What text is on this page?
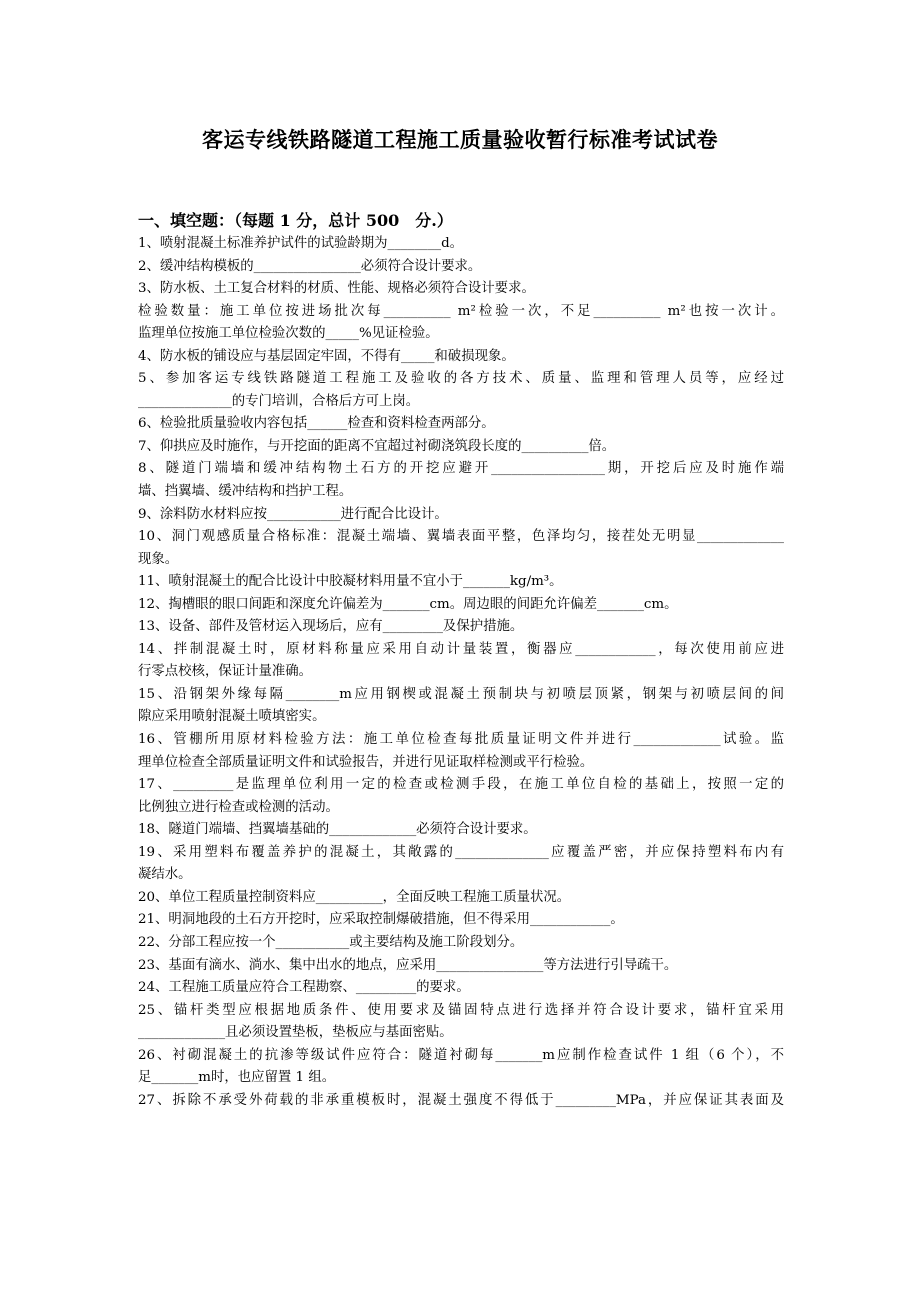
客运专线铁路隧道工程施工质量验收暂行标准考试试卷
一、填空题：（每题 1 分，总计 500　分.）
1、喷射混凝土标准养护试件的试验龄期为________d。
2、缓冲结构模板的________________必须符合设计要求。
3、防水板、土工复合材料的材质、性能、规格必须符合设计要求。
检验数量：施工单位按进场批次每__________ m²检验一次，不足__________ m²也按一次计。
监理单位按施工单位检验次数的_____%见证检验。
4、防水板的铺设应与基层固定牢固，不得有_____和破损现象。
5、参加客运专线铁路隧道工程施工及验收的各方技术、质量、监理和管理人员等，应经过
______________的专门培训，合格后方可上岗。
6、检验批质量验收内容包括______检查和资料检查两部分。
7、仰拱应及时施作，与开挖面的距离不宜超过衬砌浇筑段长度的__________倍。
8、隧道门端墙和缓冲结构物土石方的开挖应避开_________________期，开挖后应及时施作端
墙、挡翼墙、缓冲结构和挡护工程。
9、涂料防水材料应按___________进行配合比设计。
10、洞门观感质量合格标准：混凝土端墙、翼墙表面平整，色泽均匀，接茬处无明显_____________
现象。
11、喷射混凝土的配合比设计中胶凝材料用量不宜小于_______kg/m³。
12、掏槽眼的眼口间距和深度允许偏差为_______cm。周边眼的间距允许偏差_______cm。
13、设备、部件及管材运入现场后，应有_________及保护措施。
14、拌制混凝土时，原材料称量应采用自动计量装置，衡器应____________，每次使用前应进
行零点校核，保证计量准确。
15、沿钢架外缘每隔________m应用钢楔或混凝土预制块与初喷层顶紧，钢架与初喷层间的间
隙应采用喷射混凝土喷填密实。
16、管棚所用原材料检验方法：施工单位检查每批质量证明文件并进行_____________试验。监
理单位检查全部质量证明文件和试验报告，并进行见证取样检测或平行检验。
17、_________是监理单位利用一定的检查或检测手段，在施工单位自检的基础上，按照一定的
比例独立进行检查或检测的活动。
18、隧道门端墙、挡翼墙基础的_____________必须符合设计要求。
19、采用塑料布覆盖养护的混凝土，其敞露的______________应覆盖严密，并应保持塑料布内有
凝结水。
20、单位工程质量控制资料应__________，全面反映工程施工质量状况。
21、明洞地段的土石方开挖时，应采取控制爆破措施，但不得采用____________。
22、分部工程应按一个___________或主要结构及施工阶段划分。
23、基面有滴水、淌水、集中出水的地点，应采用________________等方法进行引导疏干。
24、工程施工质量应符合工程勘察、_________的要求。
25、锚杆类型应根据地质条件、使用要求及锚固特点进行选择并符合设计要求，锚杆宜采用
_____________且必须设置垫板，垫板应与基面密贴。
26、衬砌混凝土的抗渗等级试件应符合：隧道衬砌每_______m应制作检查试件 1 组（6 个），不
足_______m时，也应留置 1 组。
27、拆除不承受外荷载的非承重模板时，混凝土强度不得低于_________MPa，并应保证其表面及
